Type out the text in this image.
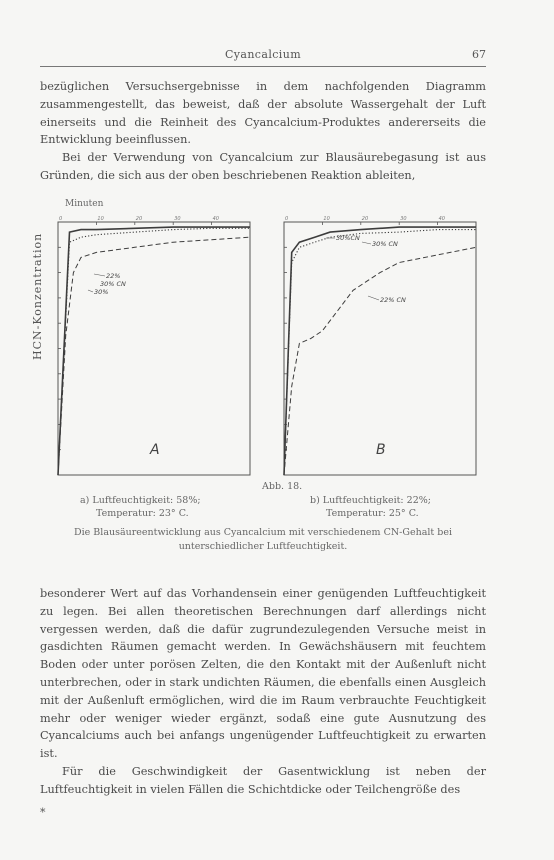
Cyancalcium	67

bezüglichen Versuchsergebnisse in dem nachfolgenden Diagramm zusammengestellt, das beweist, daß der absolute Wassergehalt der Luft einerseits und die Reinheit des Cyancalcium-Produktes andererseits die Entwicklung beeinflussen.

Bei der Verwendung von Cyancalcium zur Blausäurebegasung ist aus Gründen, die sich aus der oben beschriebenen Reaktion ableiten,

Minuten
HCN-Konzentration
0	10	20	30	40
22%
30% CN
30%
A
0	10	20	30	40
30%CN
30% CN
22% CN
B
Abb. 18.
a) Luftfeuchtigkeit: 58%;
Temperatur: 23° C.
b) Luftfeuchtigkeit: 22%;
Temperatur: 25° C.
Die Blausäureentwicklung aus Cyancalcium mit verschiedenem CN-Gehalt bei
unterschiedlicher Luftfeuchtigkeit.

besonderer Wert auf das Vorhandensein einer genügenden Luftfeuchtigkeit zu legen. Bei allen theoretischen Berechnungen darf allerdings nicht vergessen werden, daß die dafür zugrundezulegenden Versuche meist in gasdichten Räumen gemacht werden. In Gewächshäusern mit feuchtem Boden oder unter porösen Zelten, die den Kontakt mit der Außenluft nicht unterbrechen, oder in stark undichten Räumen, die ebenfalls einen Ausgleich mit der Außenluft ermöglichen, wird die im Raum verbrauchte Feuchtigkeit mehr oder weniger wieder ergänzt, sodaß eine gute Ausnutzung des Cyancalciums auch bei anfangs ungenügender Luftfeuchtigkeit zu erwarten ist.

Für die Geschwindigkeit der Gasentwicklung ist neben der Luftfeuchtigkeit in vielen Fällen die Schichtdicke oder Teilchengröße des

*
